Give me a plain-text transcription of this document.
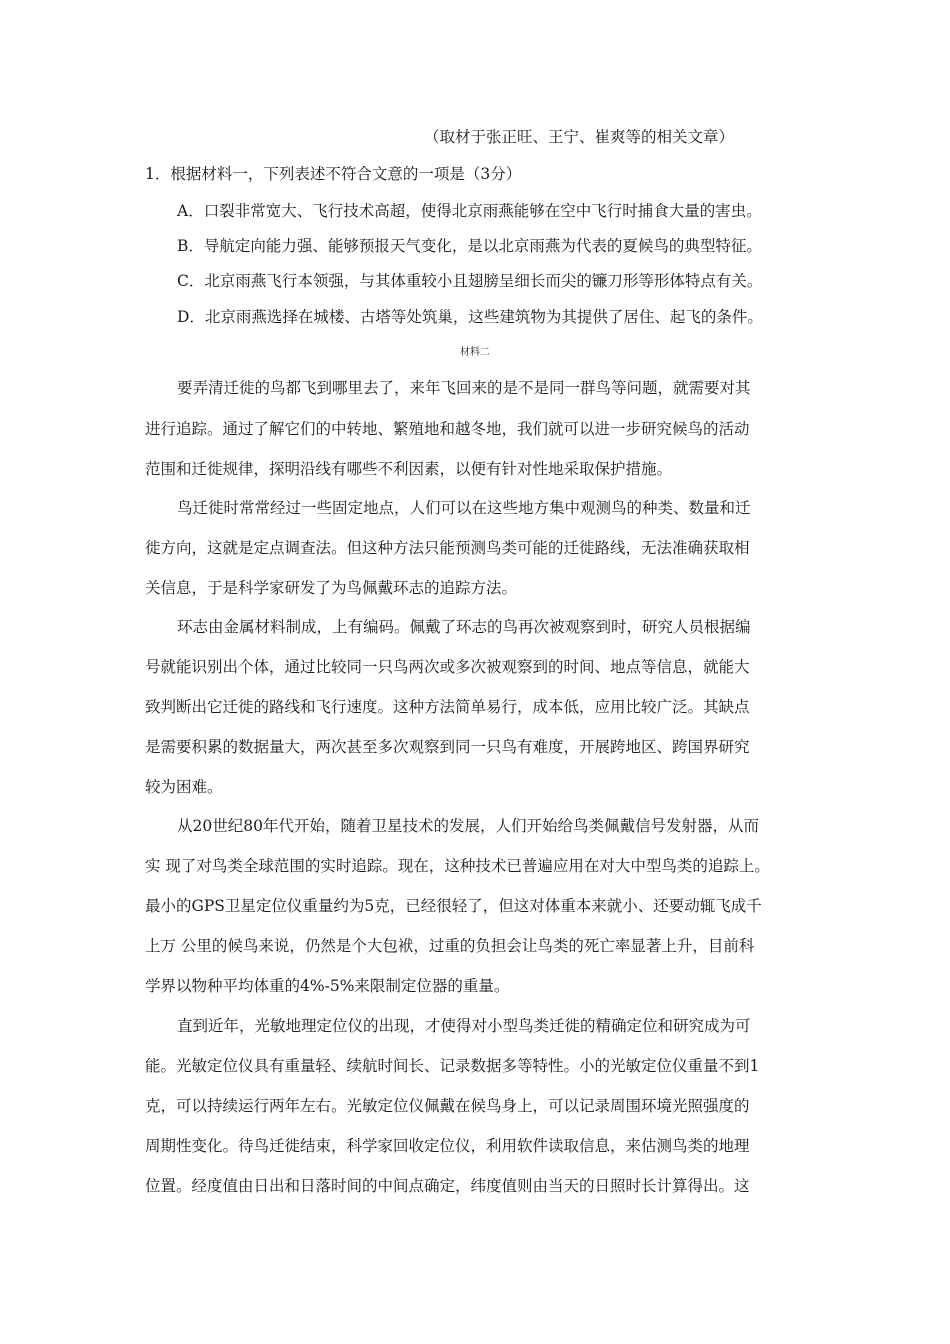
（取材于张正旺、王宁、崔爽等的相关文章）
1．根据材料一，下列表述不符合文意的一项是（3分）
A．口裂非常宽大、飞行技术高超，使得北京雨燕能够在空中飞行时捕食大量的害虫。
B．导航定向能力强、能够预报天气变化，是以北京雨燕为代表的夏候鸟的典型特征。
C．北京雨燕飞行本领强，与其体重较小且翅膀呈细长而尖的镰刀形等形体特点有关。
D．北京雨燕选择在城楼、古塔等处筑巢，这些建筑物为其提供了居住、起飞的条件。
材料二
要弄清迁徙的鸟都飞到哪里去了，来年飞回来的是不是同一群鸟等问题，就需要对其
进行追踪。通过了解它们的中转地、繁殖地和越冬地，我们就可以进一步研究候鸟的活动
范围和迁徙规律，探明沿线有哪些不利因素，以便有针对性地采取保护措施。
鸟迁徙时常常经过一些固定地点，人们可以在这些地方集中观测鸟的种类、数量和迁
徙方向，这就是定点调查法。但这种方法只能预测鸟类可能的迁徙路线，无法准确获取相
关信息，于是科学家研发了为鸟佩戴环志的追踪方法。
环志由金属材料制成，上有编码。佩戴了环志的鸟再次被观察到时，研究人员根据编
号就能识别出个体，通过比较同一只鸟两次或多次被观察到的时间、地点等信息，就能大
致判断出它迁徙的路线和飞行速度。这种方法简单易行，成本低，应用比较广泛。其缺点
是需要积累的数据量大，两次甚至多次观察到同一只鸟有难度，开展跨地区、跨国界研究
较为困难。
从20世纪80年代开始，随着卫星技术的发展，人们开始给鸟类佩戴信号发射器，从而
实 现了对鸟类全球范围的实时追踪。现在，这种技术已普遍应用在对大中型鸟类的追踪上。
最小的GPS卫星定位仪重量约为5克，已经很轻了，但这对体重本来就小、还要动辄飞成千
上万 公里的候鸟来说，仍然是个大包袱，过重的负担会让鸟类的死亡率显著上升，目前科
学界以物种平均体重的4%-5%来限制定位器的重量。
直到近年，光敏地理定位仪的出现，才使得对小型鸟类迁徙的精确定位和研究成为可
能。光敏定位仪具有重量轻、续航时间长、记录数据多等特性。小的光敏定位仪重量不到1
克，可以持续运行两年左右。光敏定位仪佩戴在候鸟身上，可以记录周围环境光照强度的
周期性变化。待鸟迁徙结束，科学家回收定位仪，利用软件读取信息，来估测鸟类的地理
位置。经度值由日出和日落时间的中间点确定，纬度值则由当天的日照时长计算得出。这
